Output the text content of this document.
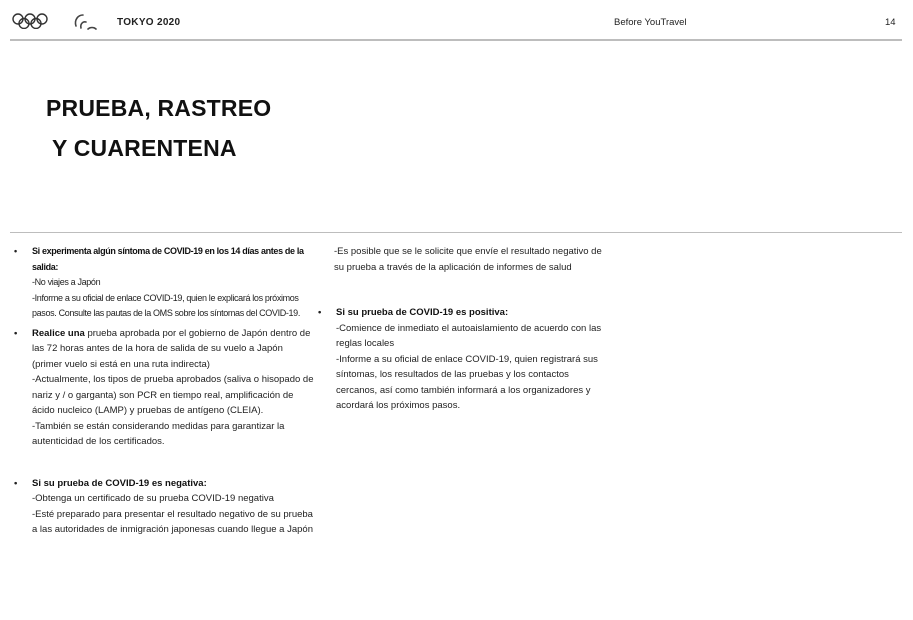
TOKYO 2020	Before YouTravel	14
PRUEBA, RASTREO
Y CUARENTENA
• Si experimenta algún síntoma de COVID-19 en los 14 días antes de la salida:

-No viajes a Japón

-Informe a su oficial de enlace COVID-19, quien le explicará los próximos pasos. Consulte las pautas de la OMS sobre los síntomas del COVID-19.

• Realice una prueba aprobada por el gobierno de Japón dentro de las 72 horas antes de la hora de salida de su vuelo a Japón (primer vuelo si está en una ruta indirecta)

-Actualmente, los tipos de prueba aprobados (saliva o hisopado de nariz y / o garganta) son PCR en tiempo real, amplificación de ácido nucleico (LAMP) y pruebas de antígeno (CLEIA).

-También se están considerando medidas para garantizar la autenticidad de los certificados.

• Si su prueba de COVID-19 es negativa:

-Obtenga un certificado de su prueba COVID-19 negativa

-Esté preparado para presentar el resultado negativo de su prueba a las autoridades de inmigración japonesas cuando llegue a Japón

-Es posible que se le solicite que envíe el resultado negativo de su prueba a través de la aplicación de informes de salud

• Si su prueba de COVID-19 es positiva:

-Comience de inmediato el autoaislamiento de acuerdo con las reglas locales

-Informe a su oficial de enlace COVID-19, quien registrará sus síntomas, los resultados de las pruebas y los contactos cercanos, así como también informará a los organizadores y acordará los próximos pasos.
